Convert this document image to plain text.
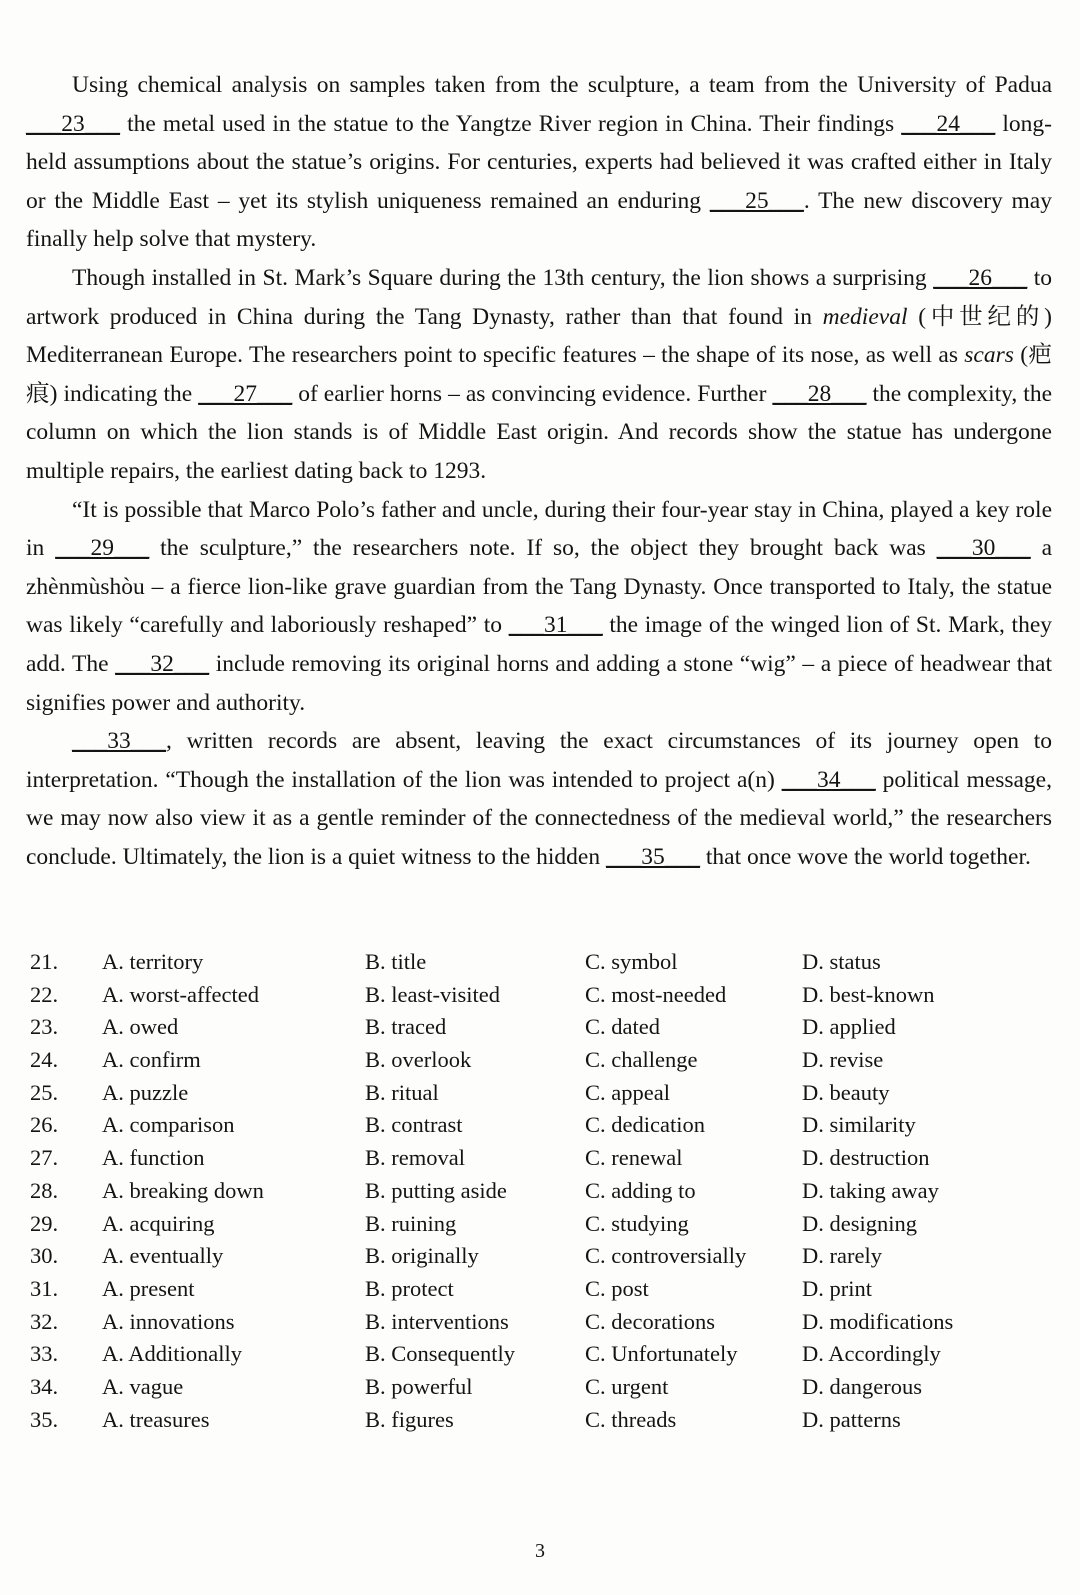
Using chemical analysis on samples taken from the sculpture, a team from the University of Padua ___23___ the metal used in the statue to the Yangtze River region in China. Their findings ___24___ long-held assumptions about the statue’s origins. For centuries, experts had believed it was crafted either in Italy or the Middle East – yet its stylish uniqueness remained an enduring ___25___. The new discovery may finally help solve that mystery.

Though installed in St. Mark’s Square during the 13th century, the lion shows a surprising ___26___ to artwork produced in China during the Tang Dynasty, rather than that found in medieval (中世纪的) Mediterranean Europe. The researchers point to specific features – the shape of its nose, as well as scars (疤痕) indicating the ___27___ of earlier horns – as convincing evidence. Further ___28___ the complexity, the column on which the lion stands is of Middle East origin. And records show the statue has undergone multiple repairs, the earliest dating back to 1293.

“It is possible that Marco Polo’s father and uncle, during their four-year stay in China, played a key role in ___29___ the sculpture,” the researchers note. If so, the object they brought back was ___30___ a zhènmùshòu – a fierce lion-like grave guardian from the Tang Dynasty. Once transported to Italy, the statue was likely “carefully and laboriously reshaped” to ___31___ the image of the winged lion of St. Mark, they add. The ___32___ include removing its original horns and adding a stone “wig” – a piece of headwear that signifies power and authority.

___33___, written records are absent, leaving the exact circumstances of its journey open to interpretation. “Though the installation of the lion was intended to project a(n) ___34___ political message, we may now also view it as a gentle reminder of the connectedness of the medieval world,” the researchers conclude. Ultimately, the lion is a quiet witness to the hidden ___35___ that once wove the world together.

21. A. territory	B. title	C. symbol	D. status
22. A. worst-affected	B. least-visited	C. most-needed	D. best-known
23. A. owed	B. traced	C. dated	D. applied
24. A. confirm	B. overlook	C. challenge	D. revise
25. A. puzzle	B. ritual	C. appeal	D. beauty
26. A. comparison	B. contrast	C. dedication	D. similarity
27. A. function	B. removal	C. renewal	D. destruction
28. A. breaking down	B. putting aside	C. adding to	D. taking away
29. A. acquiring	B. ruining	C. studying	D. designing
30. A. eventually	B. originally	C. controversially D. rarely
31. A. present	B. protect	C. post	D. print
32. A. innovations	B. interventions	C. decorations	D. modifications
33. A. Additionally	B. Consequently	C. Unfortunately	D. Accordingly
34. A. vague	B. powerful	C. urgent	D. dangerous
35. A. treasures	B. figures	C. threads	D. patterns
3
